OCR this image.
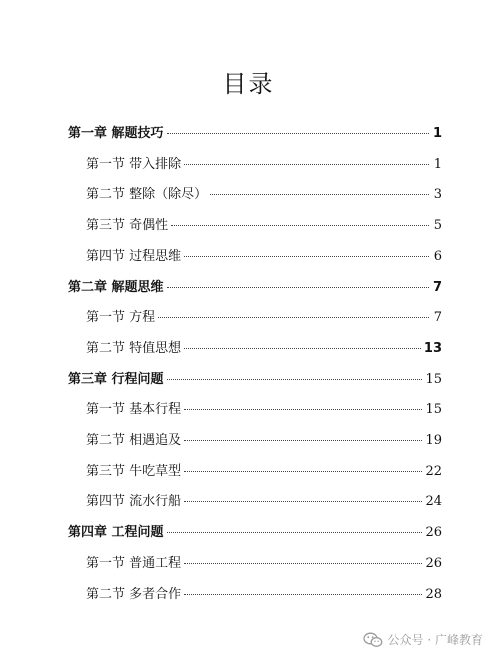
目录
第一章 解题技巧	1
第一节 带入排除	1
第二节 整除（除尽）	3
第三节 奇偶性	5
第四节 过程思维	6
第二章 解题思维	7
第一节 方程	7
第二节 特值思想	13
第三章 行程问题	15
第一节 基本行程	15
第二节 相遇追及	19
第三节 牛吃草型	22
第四节 流水行船	24
第四章 工程问题	26
第一节 普通工程	26
第二节 多者合作	28
公众号 · 广峰教育
